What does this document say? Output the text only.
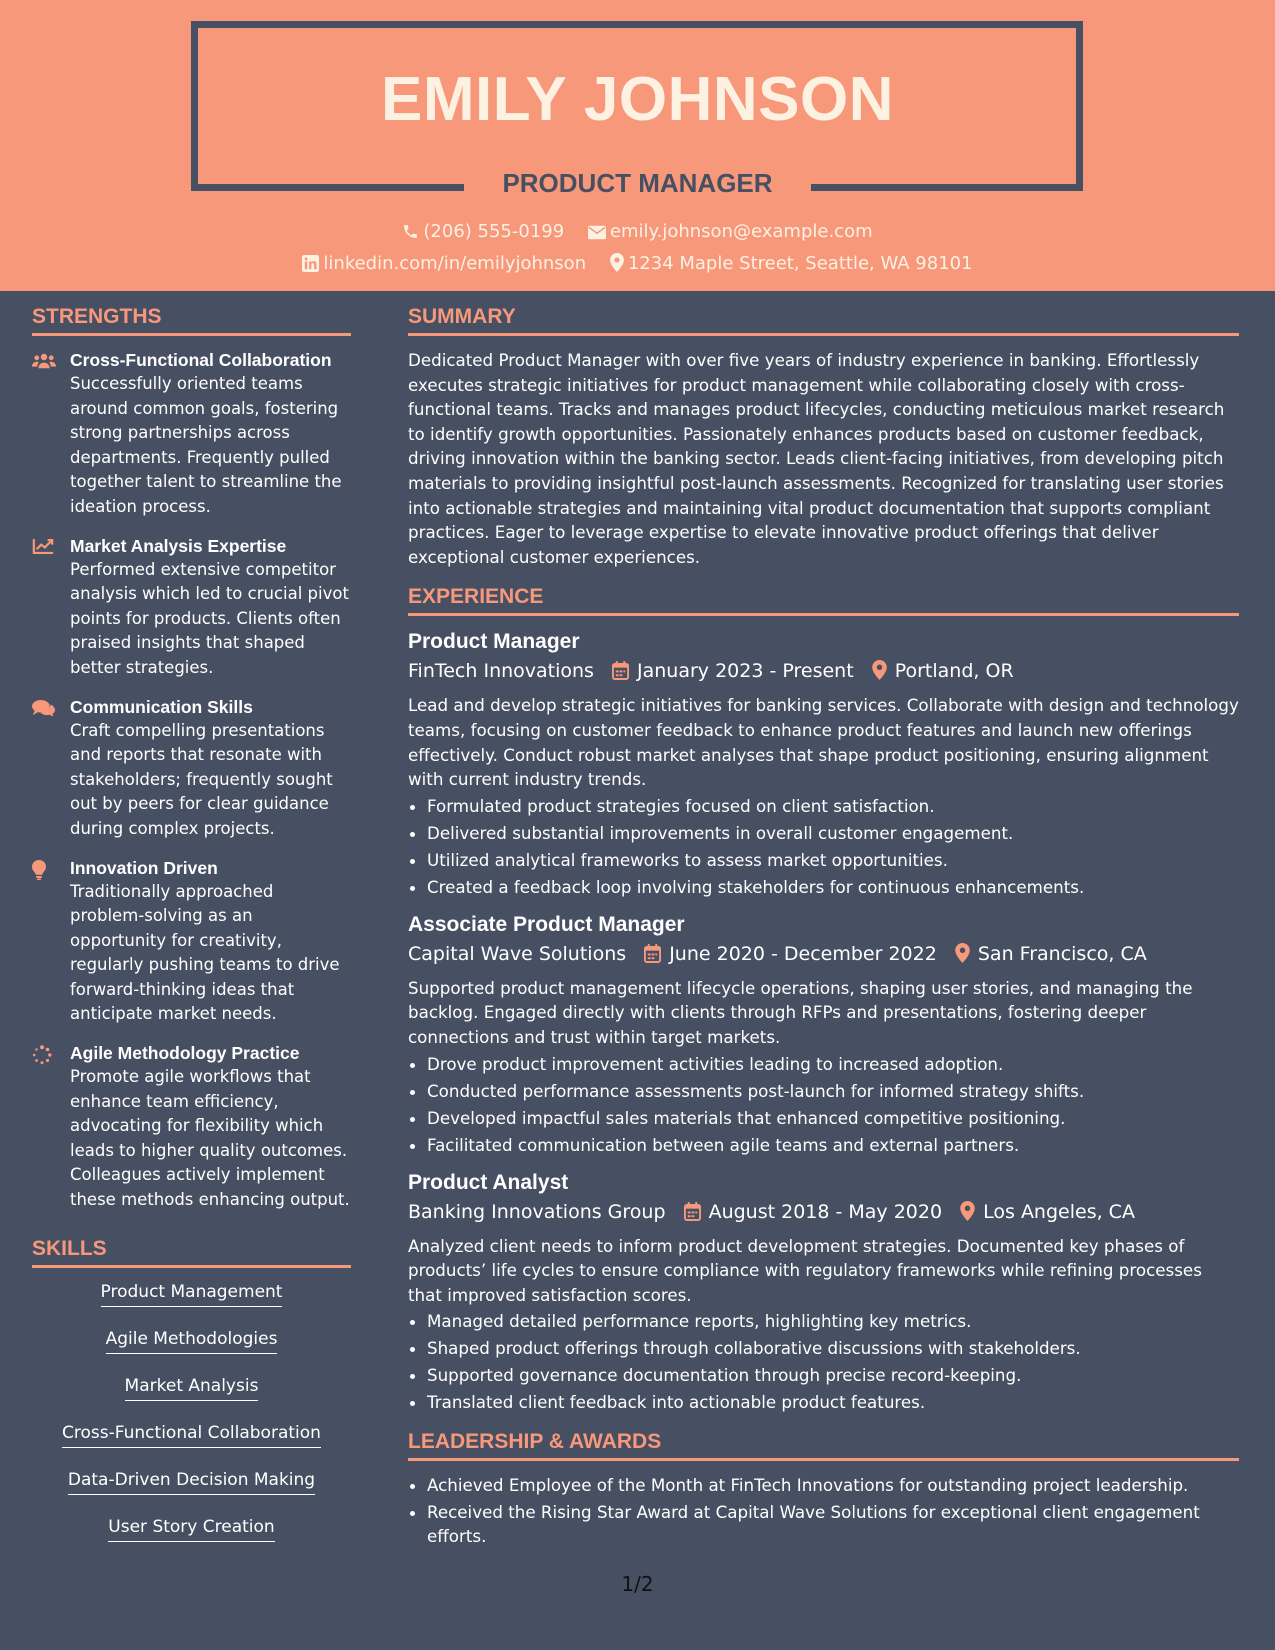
EMILY JOHNSON
PRODUCT MANAGER
(206) 555-0199	emily.johnson@example.com
linkedin.com/in/emilyjohnson 1234 Maple Street, Seattle, WA 98101
STRENGTHS
Cross-Functional Collaboration
Successfully oriented teams around common goals, fostering strong partnerships across departments. Frequently pulled together talent to streamline the ideation process.
Market Analysis Expertise
Performed extensive competitor analysis which led to crucial pivot points for products. Clients often praised insights that shaped better strategies.
Communication Skills
Craft compelling presentations and reports that resonate with stakeholders; frequently sought out by peers for clear guidance during complex projects.
Innovation Driven
Traditionally approached problem-solving as an opportunity for creativity, regularly pushing teams to drive forward-thinking ideas that anticipate market needs.
Agile Methodology Practice
Promote agile workflows that enhance team efficiency, advocating for flexibility which leads to higher quality outcomes. Colleagues actively implement these methods enhancing output.
SKILLS
Product Management
Agile Methodologies
Market Analysis
Cross-Functional Collaboration
Data-Driven Decision Making
User Story Creation
SUMMARY
Dedicated Product Manager with over five years of industry experience in banking. Effortlessly executes strategic initiatives for product management while collaborating closely with cross-functional teams. Tracks and manages product lifecycles, conducting meticulous market research to identify growth opportunities. Passionately enhances products based on customer feedback, driving innovation within the banking sector. Leads client-facing initiatives, from developing pitch materials to providing insightful post-launch assessments. Recognized for translating user stories into actionable strategies and maintaining vital product documentation that supports compliant practices. Eager to leverage expertise to elevate innovative product offerings that deliver exceptional customer experiences.
EXPERIENCE
Product Manager
FinTech Innovations January 2023 - Present Portland, OR
Lead and develop strategic initiatives for banking services. Collaborate with design and technology teams, focusing on customer feedback to enhance product features and launch new offerings effectively. Conduct robust market analyses that shape product positioning, ensuring alignment with current industry trends.
• Formulated product strategies focused on client satisfaction.
• Delivered substantial improvements in overall customer engagement.
• Utilized analytical frameworks to assess market opportunities.
• Created a feedback loop involving stakeholders for continuous enhancements.
Associate Product Manager
Capital Wave Solutions June 2020 - December 2022 San Francisco, CA
Supported product management lifecycle operations, shaping user stories, and managing the backlog. Engaged directly with clients through RFPs and presentations, fostering deeper connections and trust within target markets.
• Drove product improvement activities leading to increased adoption.
• Conducted performance assessments post-launch for informed strategy shifts.
• Developed impactful sales materials that enhanced competitive positioning.
• Facilitated communication between agile teams and external partners.
Product Analyst
Banking Innovations Group August 2018 - May 2020 Los Angeles, CA
Analyzed client needs to inform product development strategies. Documented key phases of products’ life cycles to ensure compliance with regulatory frameworks while refining processes that improved satisfaction scores.
• Managed detailed performance reports, highlighting key metrics.
• Shaped product offerings through collaborative discussions with stakeholders.
• Supported governance documentation through precise record-keeping.
• Translated client feedback into actionable product features.
LEADERSHIP & AWARDS
• Achieved Employee of the Month at FinTech Innovations for outstanding project leadership.
• Received the Rising Star Award at Capital Wave Solutions for exceptional client engagement efforts.
1/2
